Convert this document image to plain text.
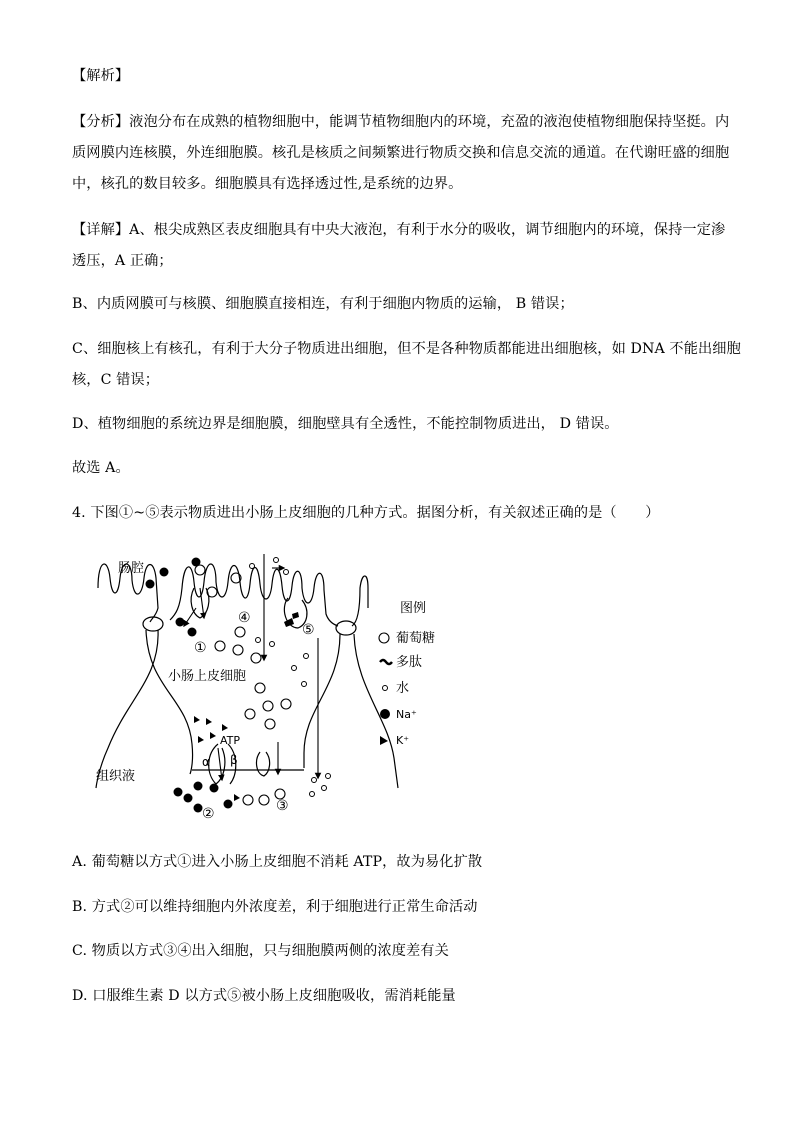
【解析】
【分析】液泡分布在成熟的植物细胞中，能调节植物细胞内的环境，充盈的液泡使植物细胞保持坚挺。内
质网膜内连核膜，外连细胞膜。核孔是核质之间频繁进行物质交换和信息交流的通道。在代谢旺盛的细胞
中，核孔的数目较多。细胞膜具有选择透过性,是系统的边界。
【详解】A、根尖成熟区表皮细胞具有中央大液泡，有利于水分的吸收，调节细胞内的环境，保持一定渗
透压，A 正确；
B、内质网膜可与核膜、细胞膜直接相连，有利于细胞内物质的运输， B 错误；
C、细胞核上有核孔，有利于大分子物质进出细胞，但不是各种物质都能进出细胞核，如 DNA 不能出细胞
核，C 错误；
D、植物细胞的系统边界是细胞膜，细胞壁具有全透性，不能控制物质进出， D 错误。
故选 A。
4. 下图①~⑤表示物质进出小肠上皮细胞的几种方式。据图分析，有关叙述正确的是（　　）
肠腔
小肠上皮细胞
组织液
ATP
α β
①
②	③
④
⑤
图例
葡萄糖
多肽
水
Na⁺
K⁺
A. 葡萄糖以方式①进入小肠上皮细胞不消耗 ATP，故为易化扩散
B. 方式②可以维持细胞内外浓度差，利于细胞进行正常生命活动
C. 物质以方式③④出入细胞，只与细胞膜两侧的浓度差有关
D. 口服维生素 D 以方式⑤被小肠上皮细胞吸收，需消耗能量
